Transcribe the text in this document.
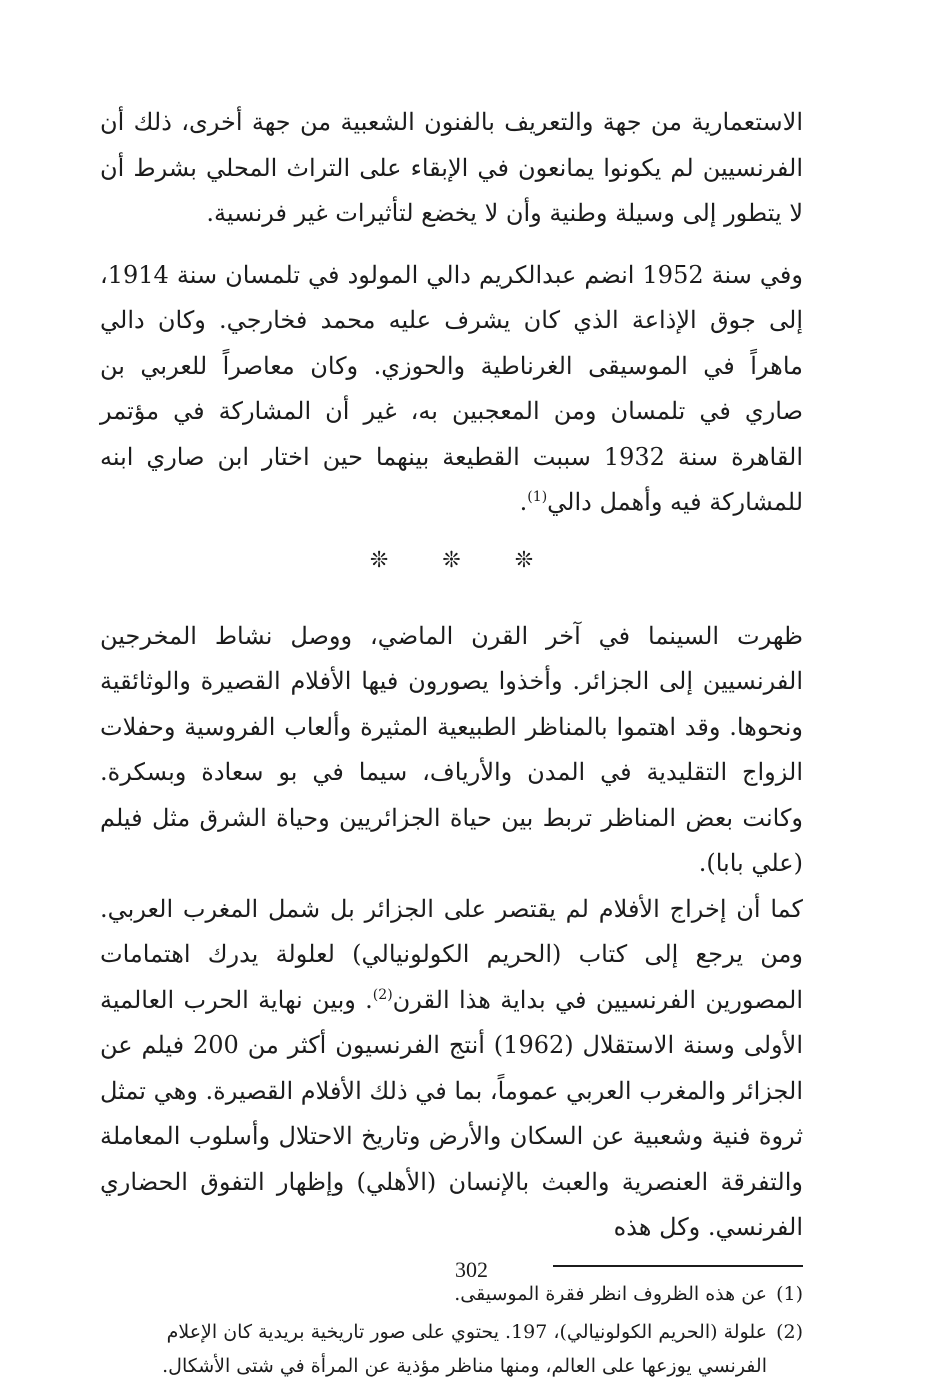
الاستعمارية من جهة والتعريف بالفنون الشعبية من جهة أخرى، ذلك أن الفرنسيين لم يكونوا يمانعون في الإبقاء على التراث المحلي بشرط أن لا يتطور إلى وسيلة وطنية وأن لا يخضع لتأثيرات غير فرنسية.

وفي سنة 1952 انضم عبدالكريم دالي المولود في تلمسان سنة 1914، إلى جوق الإذاعة الذي كان يشرف عليه محمد فخارجي. وكان دالي ماهراً في الموسيقى الغرناطية والحوزي. وكان معاصراً للعربي بن صاري في تلمسان ومن المعجبين به، غير أن المشاركة في مؤتمر القاهرة سنة 1932 سببت القطيعة بينهما حين اختار ابن صاري ابنه للمشاركة فيه وأهمل دالي$^{(1)}$.

❊ ❊ ❊

ظهرت السينما في آخر القرن الماضي، ووصل نشاط المخرجين الفرنسيين إلى الجزائر. وأخذوا يصورون فيها الأفلام القصيرة والوثائقية ونحوها. وقد اهتموا بالمناظر الطبيعية المثيرة وألعاب الفروسية وحفلات الزواج التقليدية في المدن والأرياف، سيما في بو سعادة وبسكرة. وكانت بعض المناظر تربط بين حياة الجزائريين وحياة الشرق مثل فيلم (علي بابا).

كما أن إخراج الأفلام لم يقتصر على الجزائر بل شمل المغرب العربي. ومن يرجع إلى كتاب (الحريم الكولونيالي) لعلولة يدرك اهتمامات المصورين الفرنسيين في بداية هذا القرن$^{(2)}$. وبين نهاية الحرب العالمية الأولى وسنة الاستقلال (1962) أنتج الفرنسيون أكثر من 200 فيلم عن الجزائر والمغرب العربي عموماً، بما في ذلك الأفلام القصيرة. وهي تمثل ثروة فنية وشعبية عن السكان والأرض وتاريخ الاحتلال وأسلوب المعاملة والتفرقة العنصرية والعبث بالإنسان (الأهلي) وإظهار التفوق الحضاري الفرنسي. وكل هذه

(1)
عن هذه الظروف انظر فقرة الموسيقى.
(2)
علولة (الحريم الكولونيالي)، 197. يحتوي على صور تاريخية بريدية كان الإعلام الفرنسي يوزعها على العالم، ومنها مناظر مؤذية عن المرأة في شتى الأشكال.
302
